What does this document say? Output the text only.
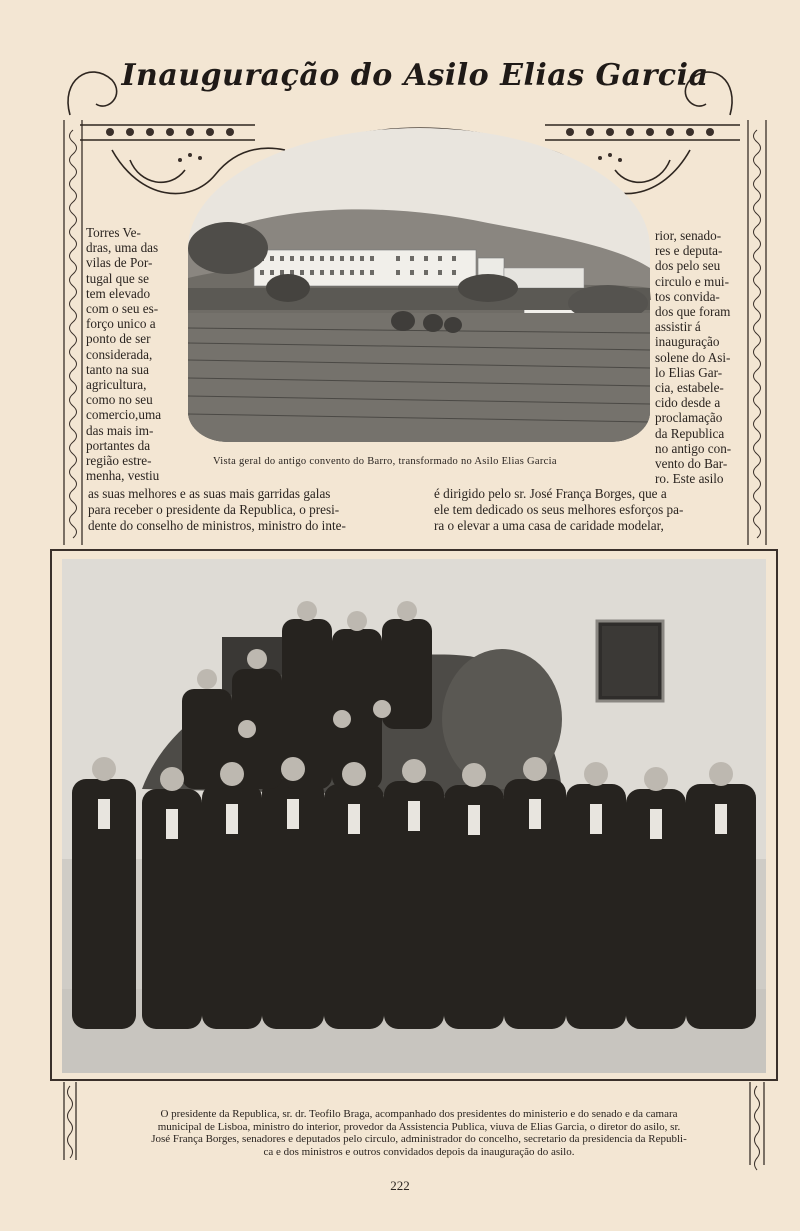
Inauguração do Asilo Elias Garcia
Torres Ve-
dras, uma das
vilas de Por-
tugal que se
tem elevado
com o seu es-
forço unico a
ponto de ser
considerada,
tanto na sua
agricultura,
como no seu
comercio,uma
das mais im-
portantes da
região estre-
menha, vestiu
rior, senado-
res e deputa-
dos pelo seu
circulo e mui-
tos convida-
dos que foram
assistir á
inauguração
solene do Asi-
lo Elias Gar-
cia, estabele-
cido desde a
proclamação
da Republica
no antigo con-
vento do Bar-
ro. Este asilo
Vista geral do antigo convento do Barro, transformado no Asilo Elias Garcia
as suas melhores e as suas mais garridas galas
para receber o presidente da Republica, o presi-
dente do conselho de ministros, ministro do inte-
é dirigido pelo sr. José França Borges, que a
ele tem dedicado os seus melhores esforços pa-
ra o elevar a uma casa de caridade modelar,
O presidente da Republica, sr. dr. Teofilo Braga, acompanhado dos presidentes do ministerio e do senado e da camara
municipal de Lisboa, ministro do interior, provedor da Assistencia Publica, viuva de Elias Garcia, o diretor do asilo, sr.
José França Borges, senadores e deputados pelo circulo, administrador do concelho, secretario da presidencia da Republi-
ca e dos ministros e outros convidados depois da inauguração do asilo.
222
